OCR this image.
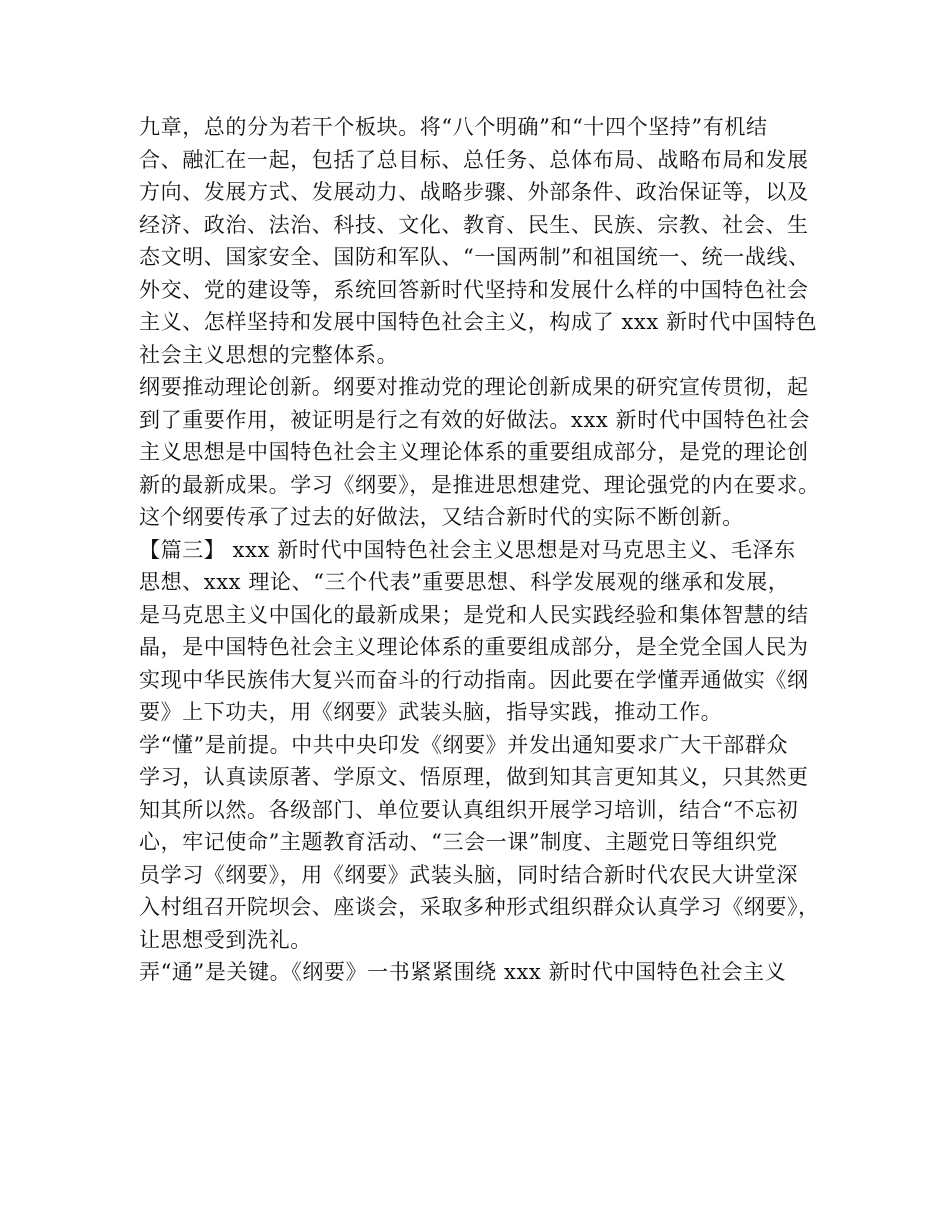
九章，总的分为若干个板块。将“八个明确”和“十四个坚持”有机结
合、融汇在一起，包括了总目标、总任务、总体布局、战略布局和发展
方向、发展方式、发展动力、战略步骤、外部条件、政治保证等，以及
经济、政治、法治、科技、文化、教育、民生、民族、宗教、社会、生
态文明、国家安全、国防和军队、“一国两制”和祖国统一、统一战线、
外交、党的建设等，系统回答新时代坚持和发展什么样的中国特色社会
主义、怎样坚持和发展中国特色社会主义，构成了 xxx 新时代中国特色
社会主义思想的完整体系。
纲要推动理论创新。纲要对推动党的理论创新成果的研究宣传贯彻，起
到了重要作用，被证明是行之有效的好做法。xxx 新时代中国特色社会
主义思想是中国特色社会主义理论体系的重要组成部分，是党的理论创
新的最新成果。学习《纲要》，是推进思想建党、理论强党的内在要求。
这个纲要传承了过去的好做法，又结合新时代的实际不断创新。
【篇三】 xxx 新时代中国特色社会主义思想是对马克思主义、毛泽东
思想、xxx 理论、“三个代表”重要思想、科学发展观的继承和发展，
是马克思主义中国化的最新成果；是党和人民实践经验和集体智慧的结
晶，是中国特色社会主义理论体系的重要组成部分，是全党全国人民为
实现中华民族伟大复兴而奋斗的行动指南。因此要在学懂弄通做实《纲
要》上下功夫，用《纲要》武装头脑，指导实践，推动工作。
学“懂”是前提。中共中央印发《纲要》并发出通知要求广大干部群众
学习，认真读原著、学原文、悟原理，做到知其言更知其义，只其然更
知其所以然。各级部门、单位要认真组织开展学习培训，结合“不忘初
心，牢记使命”主题教育活动、“三会一课”制度、主题党日等组织党
员学习《纲要》，用《纲要》武装头脑，同时结合新时代农民大讲堂深
入村组召开院坝会、座谈会，采取多种形式组织群众认真学习《纲要》，
让思想受到洗礼。
弄“通”是关键。《纲要》一书紧紧围绕 xxx 新时代中国特色社会主义
